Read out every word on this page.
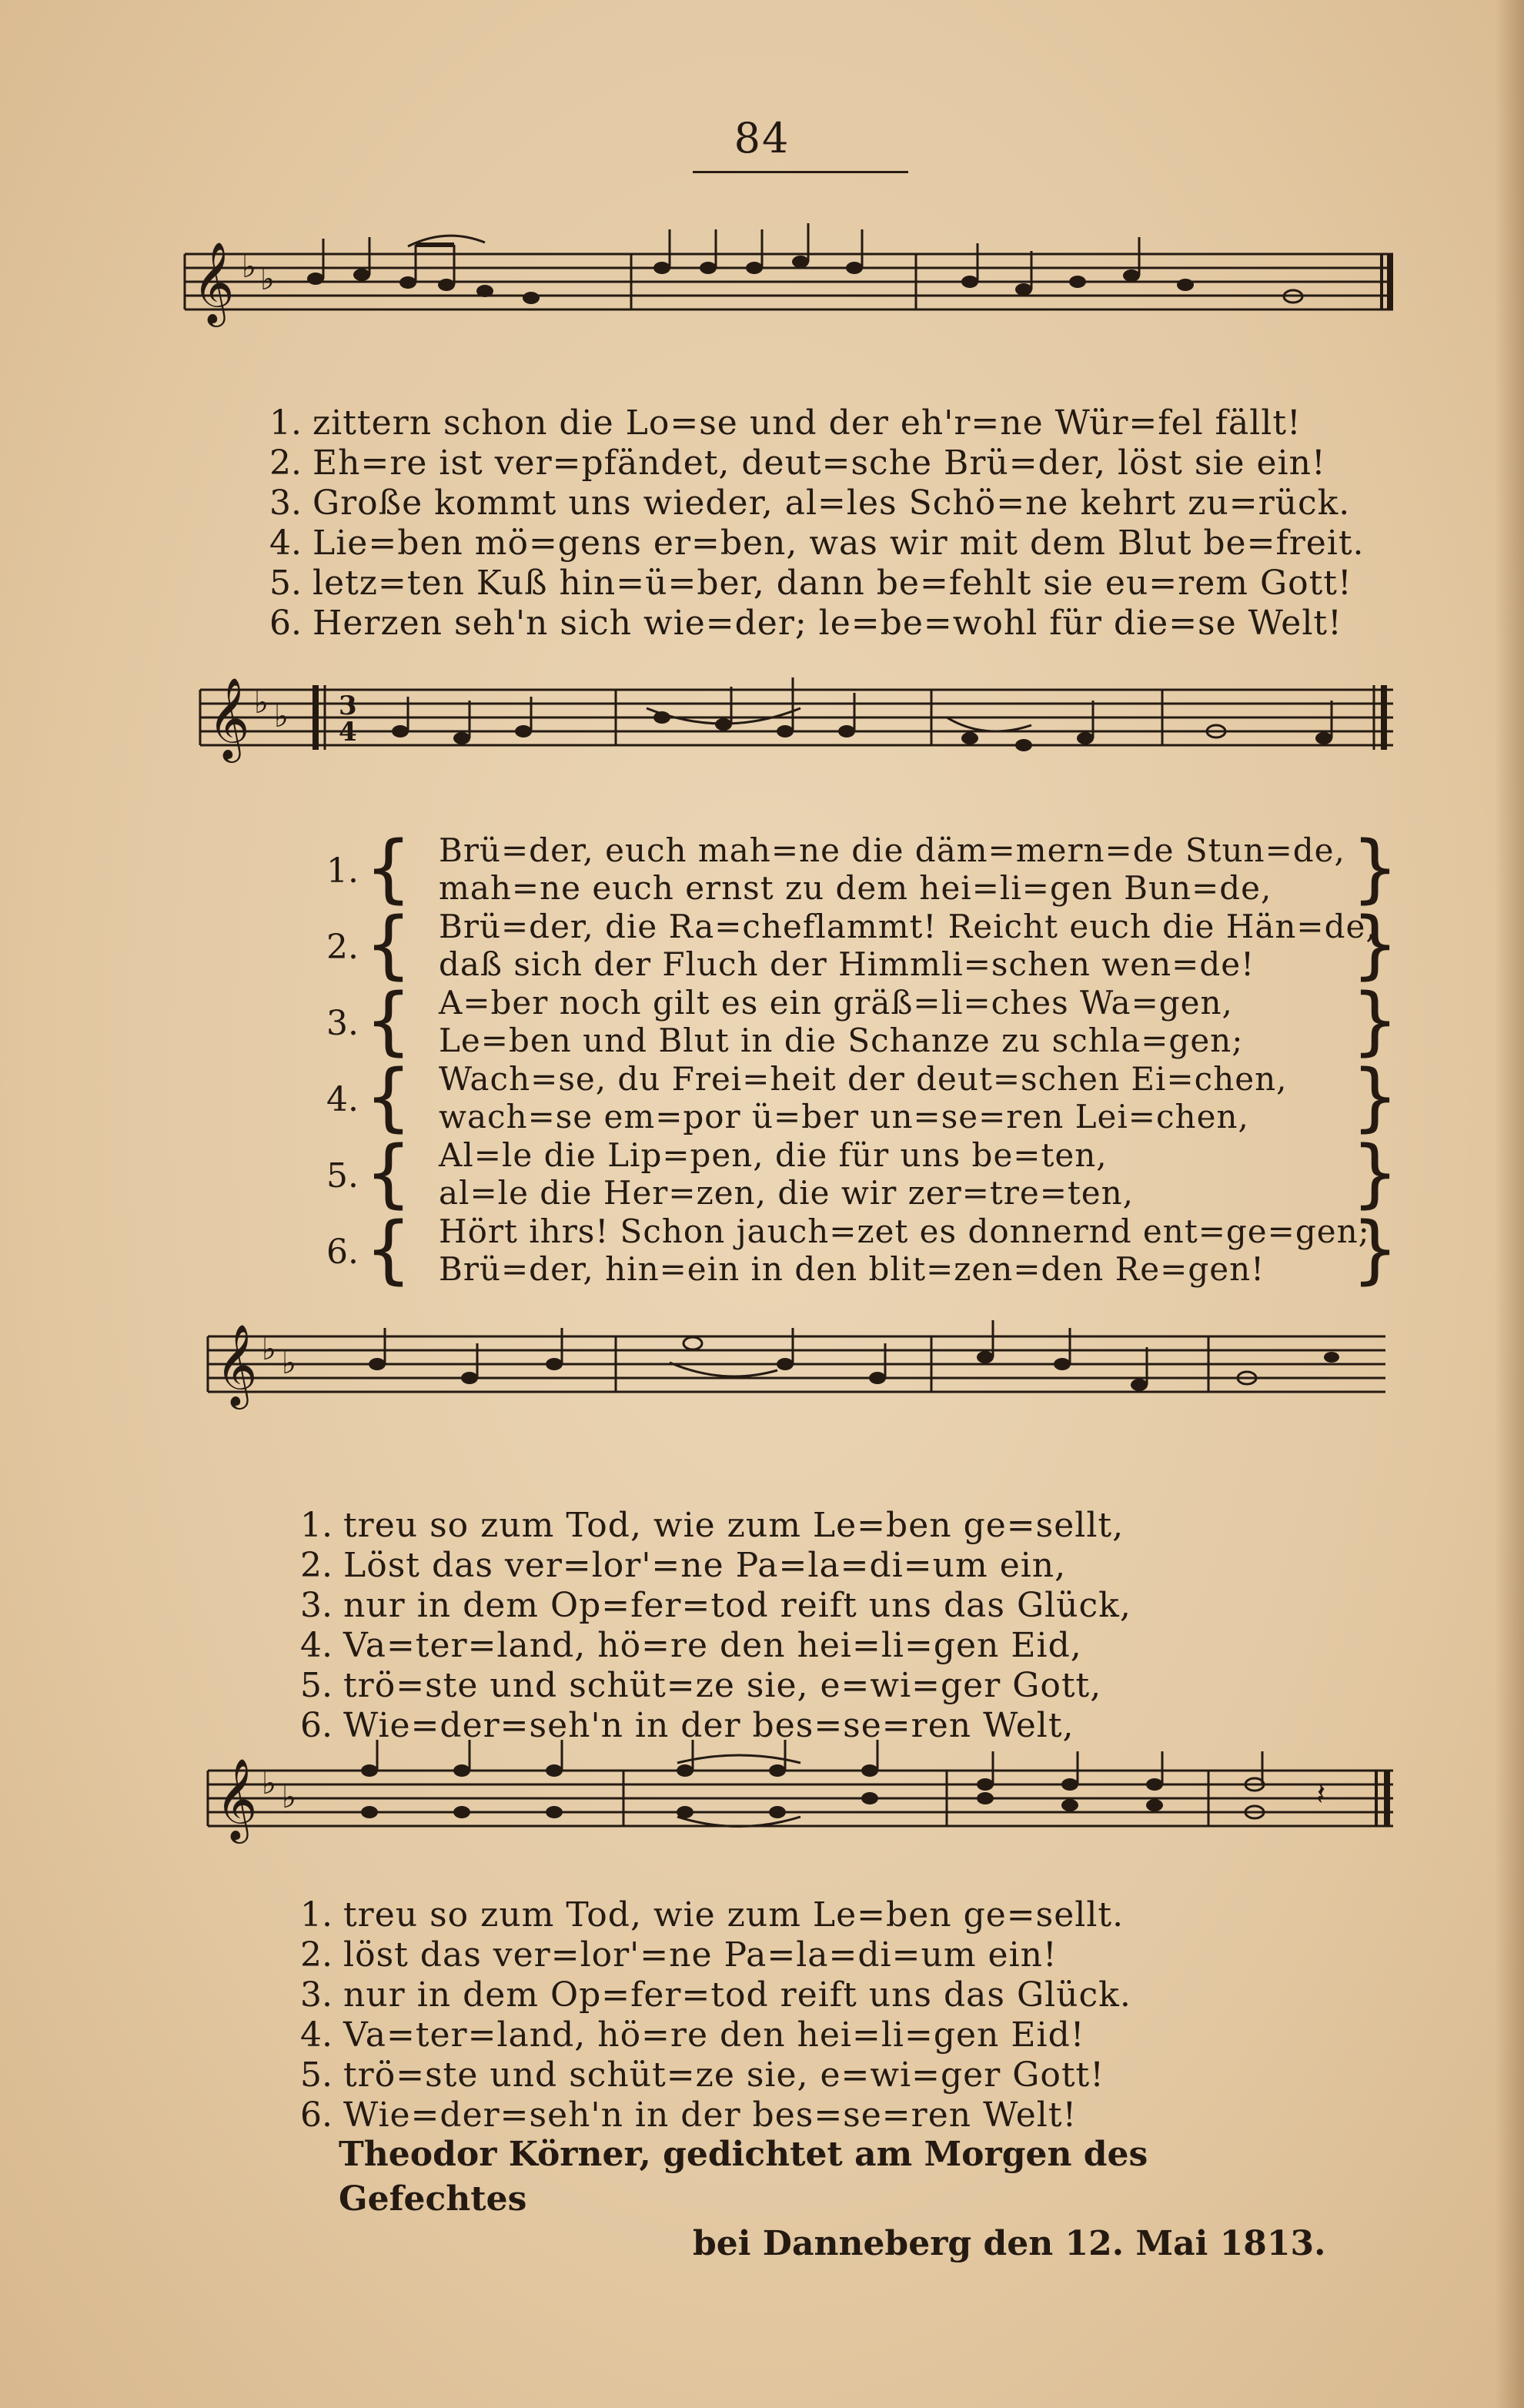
84
𝄞 ♭ ♭
1. zittern schon die Lo=se und der eh'r=ne Wür=fel fällt!
2. Eh=re ist ver=pfändet, deut=sche Brü=der, löst sie ein!
3. Große kommt uns wieder, al=les Schö=ne kehrt zu=rück.
4. Lie=ben mö=gens er=ben, was wir mit dem Blut be=freit.
5. letz=ten Kuß hin=ü=ber, dann be=fehlt sie eu=rem Gott!
6. Herzen seh'n sich wie=der; le=be=wohl für die=se Welt!
𝄞 ♭ ♭ 3
4
1. { Brü=der, euch mah=ne die däm=mern=de Stun=de,
mah=ne euch ernst zu dem hei=li=gen Bun=de,	}
2. { Brü=der, die Ra=cheflammt! Reicht euch die Hän=de,
daß sich der Fluch der Himmli=schen wen=de!	}
3. { A=ber noch gilt es ein gräß=li=ches Wa=gen,
Le=ben und Blut in die Schanze zu schla=gen;	}
4. { Wach=se, du Frei=heit der deut=schen Ei=chen,
wach=se em=por ü=ber un=se=ren Lei=chen,	}
5. { Al=le die Lip=pen, die für uns be=ten,
al=le die Her=zen, die wir zer=tre=ten,	}
6. { Hört ihrs! Schon jauch=zet es donnernd ent=ge=gen;
Brü=der, hin=ein in den blit=zen=den Re=gen!	}
𝄞 ♭ ♭
1. treu so zum Tod, wie zum Le=ben ge=sellt,
2. Löst das ver=lor'=ne Pa=la=di=um ein,
3. nur in dem Op=fer=tod reift uns das Glück,
4. Va=ter=land, hö=re den hei=li=gen Eid,
5. trö=ste und schüt=ze sie, e=wi=ger Gott,
6. Wie=der=seh'n in der bes=se=ren Welt,
𝄞 ♭ ♭	𝄽
1. treu so zum Tod, wie zum Le=ben ge=sellt.
2. löst das ver=lor'=ne Pa=la=di=um ein!
3. nur in dem Op=fer=tod reift uns das Glück.
4. Va=ter=land, hö=re den hei=li=gen Eid!
5. trö=ste und schüt=ze sie, e=wi=ger Gott!
6. Wie=der=seh'n in der bes=se=ren Welt!
Theodor Körner, gedichtet am Morgen des Gefechtes
bei Danneberg den 12. Mai 1813.
